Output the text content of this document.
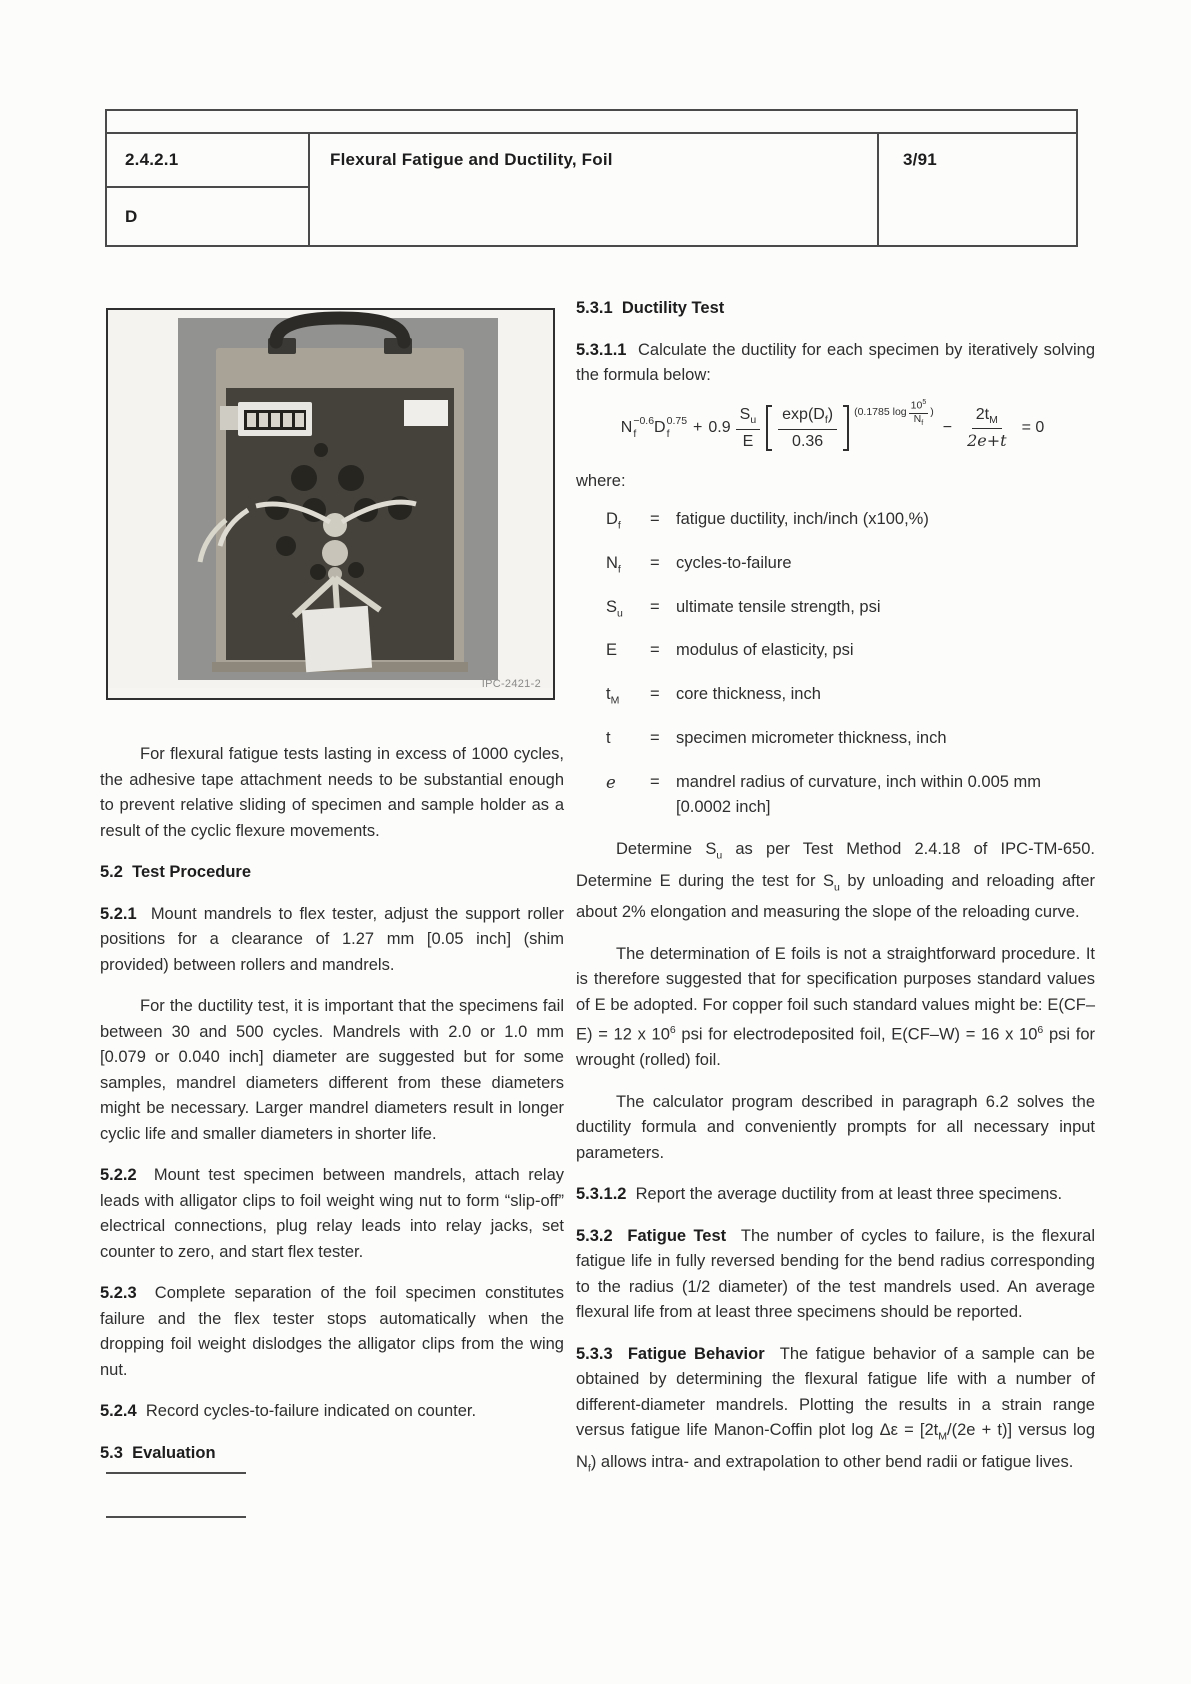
2.4.2.1
D
Flexural Fatigue and Ductility, Foil	3/91
IPC-2421-2

For flexural fatigue tests lasting in excess of 1000 cycles, the adhesive tape attachment needs to be substantial enough to prevent relative sliding of specimen and sample holder as a result of the cyclic flexure movements.

5.2 Test Procedure

5.2.1 Mount mandrels to flex tester, adjust the support roller positions for a clearance of 1.27 mm [0.05 inch] (shim provided) between rollers and mandrels.

For the ductility test, it is important that the specimens fail between 30 and 500 cycles. Mandrels with 2.0 or 1.0 mm [0.079 or 0.040 inch] diameter are suggested but for some samples, mandrel diameters different from these diameters might be necessary. Larger mandrel diameters result in longer cyclic life and smaller diameters in shorter life.

5.2.2 Mount test specimen between mandrels, attach relay leads with alligator clips to foil weight wing nut to form “slip-off” electrical connections, plug relay leads into relay jacks, set counter to zero, and start flex tester.

5.2.3 Complete separation of the foil specimen constitutes failure and the flex tester stops automatically when the dropping foil weight dislodges the alligator clips from the wing nut.

5.2.4 Record cycles-to-failure indicated on counter.

5.3 Evaluation

5.3.1 Ductility Test

5.3.1.1 Calculate the ductility for each specimen by iteratively solving the formula below:

N −0.6
f	D 0.75
f	+ $0.9 \frac{S_u}{E} \frac{\exp(D_f)}{0.36} (0.1785$ log
$10^5$
$N_f$
)
− $\frac{2t_M}{2e+t} = 0$

where:

$D_f$	= fatigue ductility, inch/inch (x100,%)
$N_f$	= cycles-to-failure
$S_u$	= ultimate tensile strength, psi
E	= modulus of elasticity, psi
$t_M$	= core thickness, inch
t	= specimen micrometer thickness, inch
e	= mandrel radius of curvature, inch within 0.005 mm [0.0002 inch]

Determine $S_u$ as per Test Method 2.4.18 of IPC-TM-650. Determine E during the test for $S_u$ by unloading and reloading after about 2% elongation and measuring the slope of the reloading curve.

The determination of E foils is not a straightforward procedure. It is therefore suggested that for specification purposes standard values of E be adopted. For copper foil such standard values might be: E(CF–E) = 12 x $10^6$ psi for electrodeposited foil, E(CF–W) = 16 x $10^6$ psi for wrought (rolled) foil.

The calculator program described in paragraph 6.2 solves the ductility formula and conveniently prompts for all necessary input parameters.

5.3.1.2 Report the average ductility from at least three specimens.

5.3.2 Fatigue Test The number of cycles to failure, is the flexural fatigue life in fully reversed bending for the bend radius corresponding to the radius (1/2 diameter) of the test mandrels used. An average flexural life from at least three specimens should be reported.

5.3.3 Fatigue Behavior The fatigue behavior of a sample can be obtained by determining the flexural fatigue life with a number of different-diameter mandrels. Plotting the results in a strain range versus fatigue life Manon-Coffin plot $\log \Delta\varepsilon = [2t_M/(2e + t)]$ versus $\log N_f$) allows intra- and extrapolation to other bend radii or fatigue lives.
